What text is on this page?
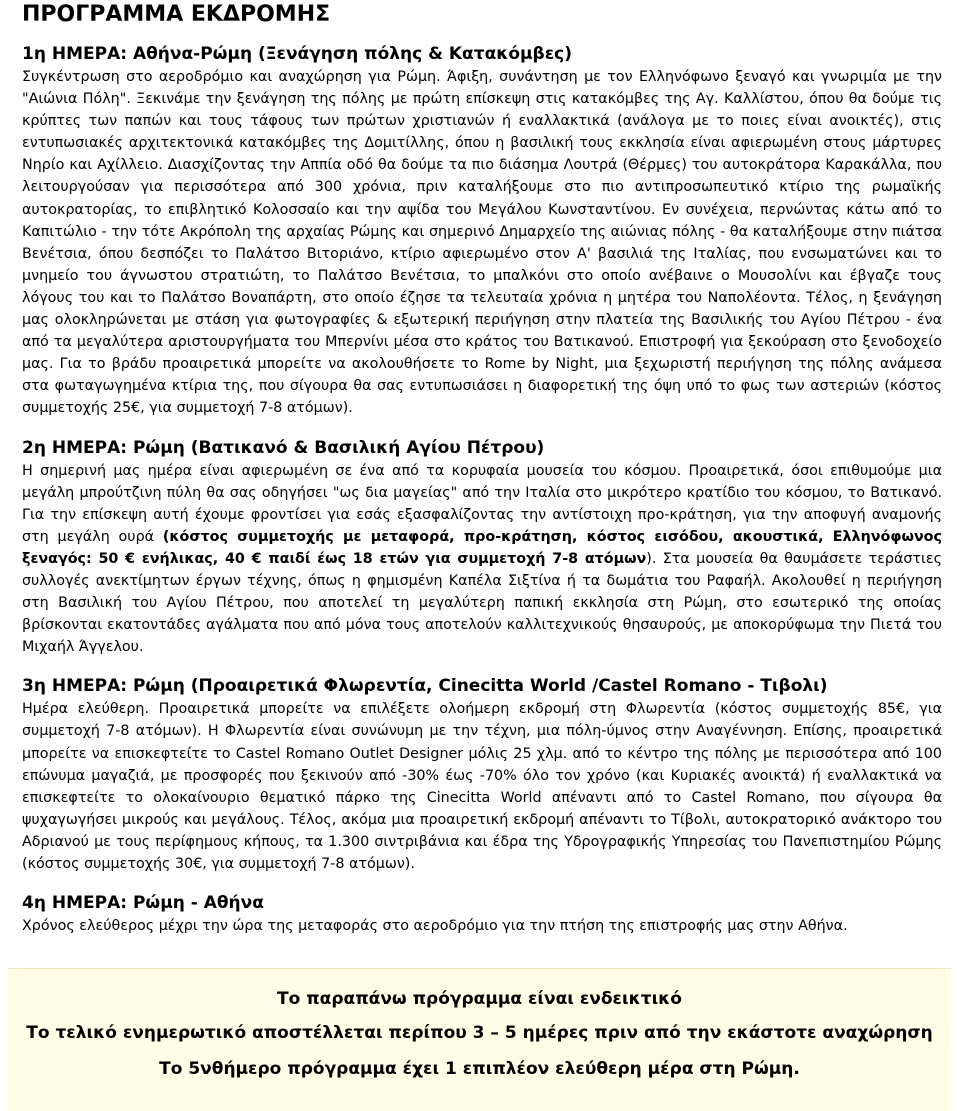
ΠΡΟΓΡΑΜΜΑ ΕΚΔΡΟΜΗΣ
1η ΗΜΕΡΑ: Αθήνα-Ρώμη (Ξενάγηση πόλης & Κατακόμβες)

Συγκέντρωση στο αεροδρόμιο και αναχώρηση για Ρώμη. Άφιξη, συνάντηση με τον Ελληνόφωνο ξεναγό και γνωριμία με την "Αιώνια Πόλη". Ξεκινάμε την ξενάγηση της πόλης με πρώτη επίσκεψη στις κατακόμβες της Αγ. Καλλίστου, όπου θα δούμε τις κρύπτες των παπών και τους τάφους των πρώτων χριστιανών ή εναλλακτικά (ανάλογα με το ποιες είναι ανοικτές), στις εντυπωσιακές αρχιτεκτονικά κατακόμβες της Δομιτίλλης, όπου η βασιλική τους εκκλησία είναι αφιερωμένη στους μάρτυρες Νηρίο και Αχίλλειο. Διασχίζοντας την Αππία οδό θα δούμε τα πιο διάσημα Λουτρά (Θέρμες) του αυτοκράτορα Καρακάλλα, που λειτουργούσαν για περισσότερα από 300 χρόνια, πριν καταλήξουμε στο πιο αντιπροσωπευτικό κτίριο της ρωμαϊκής αυτοκρατορίας, το επιβλητικό Κολοσσαίο και την αψίδα του Μεγάλου Κωνσταντίνου. Εν συνέχεια, περνώντας κάτω από το Καπιτώλιο - την τότε Ακρόπολη της αρχαίας Ρώμης και σημερινό Δημαρχείο της αιώνιας πόλης - θα καταλήξουμε στην πιάτσα Βενέτσια, όπου δεσπόζει το Παλάτσο Βιτοριάνο, κτίριο αφιερωμένο στον Α' βασιλιά της Ιταλίας, που ενσωματώνει και το μνημείο του άγνωστου στρατιώτη, το Παλάτσο Βενέτσια, το μπαλκόνι στο οποίο ανέβαινε ο Μουσολίνι και έβγαζε τους λόγους του και το Παλάτσο Βοναπάρτη, στο οποίο έζησε τα τελευταία χρόνια η μητέρα του Ναπολέοντα. Τέλος, η ξενάγηση μας ολοκληρώνεται με στάση για φωτογραφίες & εξωτερική περιήγηση στην πλατεία της Βασιλικής του Αγίου Πέτρου - ένα από τα μεγαλύτερα αριστουργήματα του Μπερνίνι μέσα στο κράτος του Βατικανού. Επιστροφή για ξεκούραση στο ξενοδοχείο μας. Για το βράδυ προαιρετικά μπορείτε να ακολουθήσετε το Rome by Night, μια ξεχωριστή περιήγηση της πόλης ανάμεσα στα φωταγωγημένα κτίρια της, που σίγουρα θα σας εντυπωσιάσει η διαφορετική της όψη υπό το φως των αστεριών (κόστος συμμετοχής 25€, για συμμετοχή 7-8 ατόμων).

2η ΗΜΕΡΑ: Ρώμη (Βατικανό & Βασιλική Αγίου Πέτρου)

Η σημερινή μας ημέρα είναι αφιερωμένη σε ένα από τα κορυφαία μουσεία του κόσμου. Προαιρετικά, όσοι επιθυμούμε μια μεγάλη μπρούτζινη πύλη θα σας οδηγήσει "ως δια μαγείας" από την Ιταλία στο μικρότερο κρατίδιο του κόσμου, το Βατικανό. Για την επίσκεψη αυτή έχουμε φροντίσει για εσάς εξασφαλίζοντας την αντίστοιχη προ-κράτηση, για την αποφυγή αναμονής στη μεγάλη ουρά (κόστος συμμετοχής με μεταφορά, προ-κράτηση, κόστος εισόδου, ακουστικά, Ελληνόφωνος ξεναγός: 50 € ενήλικας, 40 € παιδί έως 18 ετών για συμμετοχή 7-8 ατόμων). Στα μουσεία θα θαυμάσετε τεράστιες συλλογές ανεκτίμητων έργων τέχνης, όπως η φημισμένη Καπέλα Σιξτίνα ή τα δωμάτια του Ραφαήλ. Ακολουθεί η περιήγηση στη Βασιλική του Αγίου Πέτρου, που αποτελεί τη μεγαλύτερη παπική εκκλησία στη Ρώμη, στο εσωτερικό της οποίας βρίσκονται εκατοντάδες αγάλματα που από μόνα τους αποτελούν καλλιτεχνικούς θησαυρούς, με αποκορύφωμα την Πιετά του Μιχαήλ Άγγελου.

3η ΗΜΕΡΑ: Ρώμη (Προαιρετικά Φλωρεντία, Cinecitta World /Castel Romano - Τιβολι)

Ημέρα ελεύθερη. Προαιρετικά μπορείτε να επιλέξετε ολοήμερη εκδρομή στη Φλωρεντία (κόστος συμμετοχής 85€, για συμμετοχή 7-8 ατόμων). Η Φλωρεντία είναι συνώνυμη με την τέχνη, μια πόλη-ύμνος στην Αναγέννηση. Επίσης, προαιρετικά μπορείτε να επισκεφτείτε το Castel Romano Outlet Designer μόλις 25 χλμ. από το κέντρο της πόλης με περισσότερα από 100 επώνυμα μαγαζιά, με προσφορές που ξεκινούν από -30% έως -70% όλο τον χρόνο (και Κυριακές ανοικτά) ή εναλλακτικά να επισκεφτείτε το ολοκαίνουριο θεματικό πάρκο της Cinecitta World απέναντι από το Castel Romano, που σίγουρα θα ψυχαγωγήσει μικρούς και μεγάλους. Τέλος, ακόμα μια προαιρετική εκδρομή απέναντι το Τίβολι, αυτοκρατορικό ανάκτορο του Αδριανού με τους περίφημους κήπους, τα 1.300 σιντριβάνια και έδρα της Υδρογραφικής Υπηρεσίας του Πανεπιστημίου Ρώμης (κόστος συμμετοχής 30€, για συμμετοχή 7-8 ατόμων).

4η ΗΜΕΡΑ: Ρώμη - Αθήνα

Χρόνος ελεύθερος μέχρι την ώρα της μεταφοράς στο αεροδρόμιο για την πτήση της επιστροφής μας στην Αθήνα.

Το παραπάνω πρόγραμμα είναι ενδεικτικό
Το τελικό ενημερωτικό αποστέλλεται περίπου 3 – 5 ημέρες πριν από την εκάστοτε αναχώρηση
Το 5νθήμερο πρόγραμμα έχει 1 επιπλέον ελεύθερη μέρα στη Ρώμη.
